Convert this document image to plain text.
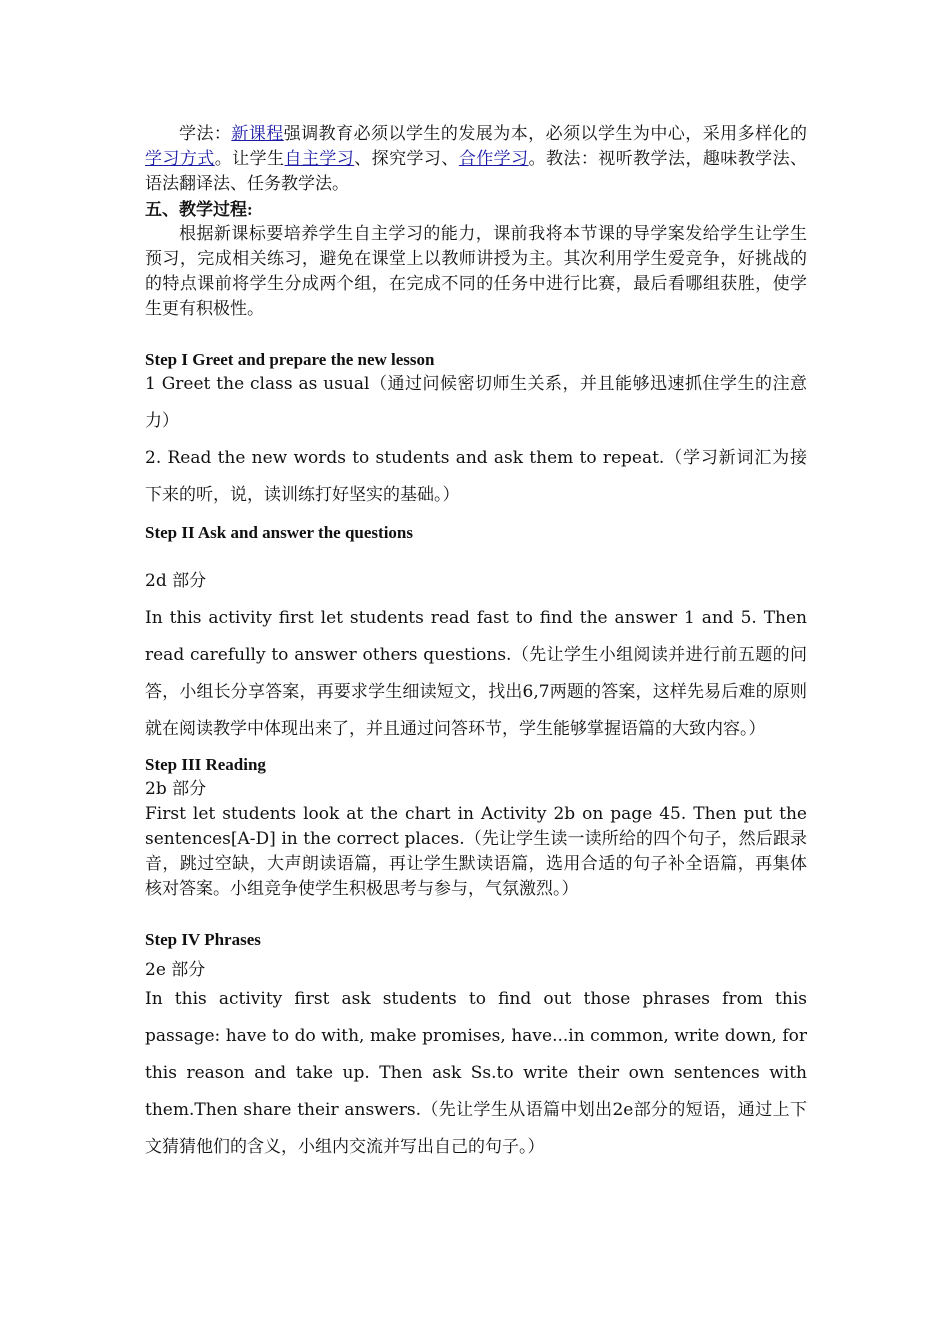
学法：新课程强调教育必须以学生的发展为本，必须以学生为中心，采用多样化的学习方式。让学生自主学习、探究学习、合作学习。教法：视听教学法，趣味教学法、语法翻译法、任务教学法。

五、教学过程:

根据新课标要培养学生自主学习的能力，课前我将本节课的导学案发给学生让学生预习，完成相关练习，避免在课堂上以教师讲授为主。其次利用学生爱竞争，好挑战的的特点课前将学生分成两个组，在完成不同的任务中进行比赛，最后看哪组获胜，使学生更有积极性。

Step I Greet and prepare the new lesson

1 Greet the class as usual（通过问候密切师生关系，并且能够迅速抓住学生的注意力）

2. Read the new words to students and ask them to repeat.（学习新词汇为接下来的听，说，读训练打好坚实的基础。）

Step II Ask and answer the questions

2d 部分

In this activity first let students read fast to find the answer 1 and 5. Then read carefully to answer others questions.（先让学生小组阅读并进行前五题的问答，小组长分享答案，再要求学生细读短文，找出6,7两题的答案，这样先易后难的原则就在阅读教学中体现出来了，并且通过问答环节，学生能够掌握语篇的大致内容。）

Step III Reading

2b 部分

First let students look at the chart in Activity 2b on page 45. Then put the sentences[A-D] in the correct places.（先让学生读一读所给的四个句子，然后跟录音，跳过空缺，大声朗读语篇，再让学生默读语篇，选用合适的句子补全语篇，再集体核对答案。小组竞争使学生积极思考与参与，气氛激烈。）

Step IV Phrases

2e 部分

In this activity first ask students to find out those phrases from this passage: have to do with, make promises, have...in common, write down, for this reason and take up. Then ask Ss.to write their own sentences with them.Then share their answers.（先让学生从语篇中划出2e部分的短语，通过上下文猜猜他们的含义，小组内交流并写出自己的句子。）
